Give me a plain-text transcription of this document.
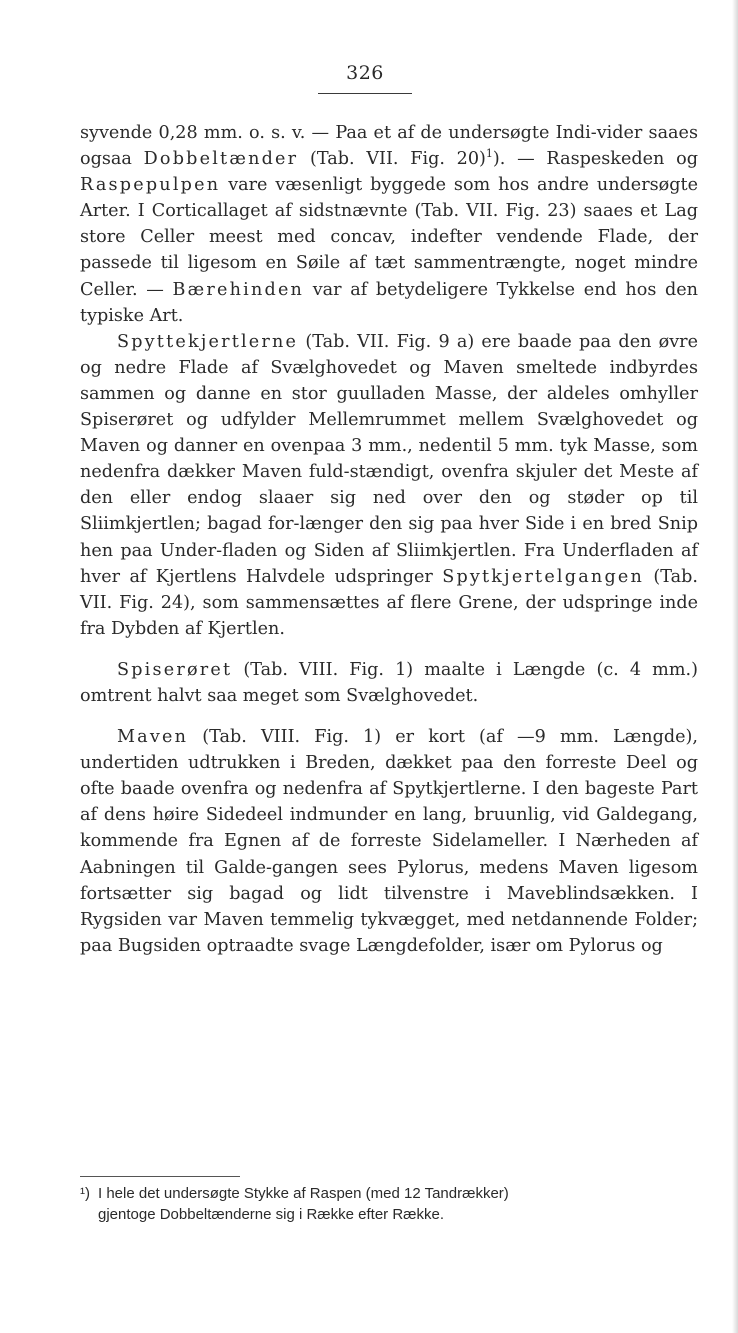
326

syvende 0,28 mm. o. s. v. — Paa et af de undersøgte Indi-vider saaes ogsaa Dobbeltænder (Tab. VII. Fig. 20)$^1$). — Raspeskeden og Raspepulpen vare væsenligt byggede som hos andre undersøgte Arter. I Corticallaget af sidstnævnte (Tab. VII. Fig. 23) saaes et Lag store Celler meest med concav, indefter vendende Flade, der passede til ligesom en Søile af tæt sammentrængte, noget mindre Celler. — Bærehinden var af betydeligere Tykkelse end hos den typiske Art.

Spyttekjertlerne (Tab. VII. Fig. 9 a) ere baade paa den øvre og nedre Flade af Svælghovedet og Maven smeltede indbyrdes sammen og danne en stor guulladen Masse, der aldeles omhyller Spiserøret og udfylder Mellemrummet mellem Svælghovedet og Maven og danner en ovenpaa 3 mm., nedentil 5 mm. tyk Masse, som nedenfra dækker Maven fuld-stændigt, ovenfra skjuler det Meste af den eller endog slaaer sig ned over den og støder op til Sliimkjertlen; bagad for-længer den sig paa hver Side i en bred Snip hen paa Under-fladen og Siden af Sliimkjertlen. Fra Underfladen af hver af Kjertlens Halvdele udspringer Spytkjertelgangen (Tab. VII. Fig. 24), som sammensættes af flere Grene, der udspringe inde fra Dybden af Kjertlen.

Spiserøret (Tab. VIII. Fig. 1) maalte i Længde (c. 4 mm.) omtrent halvt saa meget som Svælghovedet.

Maven (Tab. VIII. Fig. 1) er kort (af —9 mm. Længde), undertiden udtrukken i Breden, dækket paa den forreste Deel og ofte baade ovenfra og nedenfra af Spytkjertlerne. I den bageste Part af dens høire Sidedeel indmunder en lang, bruunlig, vid Galdegang, kommende fra Egnen af de forreste Sidelameller. I Nærheden af Aabningen til Galde-gangen sees Pylorus, medens Maven ligesom fortsætter sig bagad og lidt tilvenstre i Maveblindsækken. I Rygsiden var Maven temmelig tykvægget, med netdannende Folder; paa Bugsiden optraadte svage Længdefolder, især om Pylorus og

¹) I hele det undersøgte Stykke af Raspen (med 12 Tandrækker)
gjentoge Dobbeltænderne sig i Række efter Række.
